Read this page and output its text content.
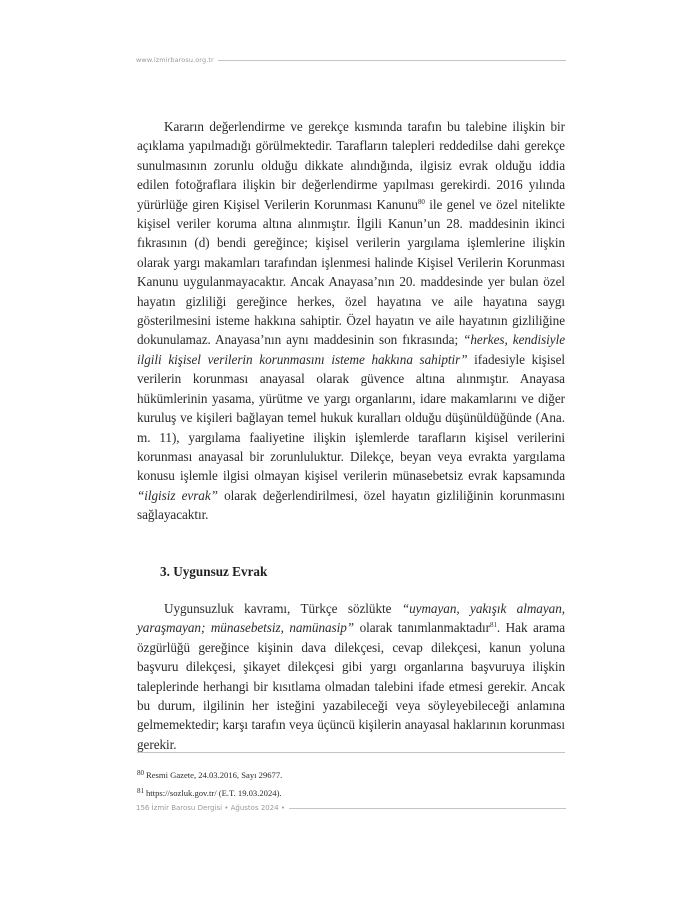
www.izmirbarosu.org.tr

Kararın değerlendirme ve gerekçe kısmında tarafın bu talebine ilişkin bir açıklama yapılmadığı görülmektedir. Tarafların talepleri reddedilse dahi gerekçe sunulmasının zorunlu olduğu dikkate alındığında, ilgisiz evrak olduğu iddia edilen fotoğraflara ilişkin bir değerlendirme yapılması gerekirdi. 2016 yılında yürürlüğe giren Kişisel Verilerin Korunması Kanunu$^{80}$ ile genel ve özel nitelikte kişisel veriler koruma altına alınmıştır. İlgili Kanun’un 28. maddesinin ikinci fıkrasının (d) bendi gereğince; kişisel verilerin yargılama işlemlerine ilişkin olarak yargı makamları tarafından işlenmesi halinde Kişisel Verilerin Korunması Kanunu uygulanmayacaktır. Ancak Anayasa’nın 20. maddesinde yer bulan özel hayatın gizliliği gereğince herkes, özel hayatına ve aile hayatına saygı gösterilmesini isteme hakkına sahiptir. Özel hayatın ve aile hayatının gizliliğine dokunulamaz. Anayasa’nın aynı maddesinin son fıkrasında; “herkes, kendisiyle ilgili kişisel verilerin korunmasını isteme hakkına sahiptir” ifadesiyle kişisel verilerin korunması anayasal olarak güvence altına alınmıştır. Anayasa hükümlerinin yasama, yürütme ve yargı organlarını, idare makamlarını ve diğer kuruluş ve kişileri bağlayan temel hukuk kuralları olduğu düşünüldüğünde (Ana. m. 11), yargılama faaliyetine ilişkin işlemlerde tarafların kişisel verilerini korunması anayasal bir zorunluluktur. Dilekçe, beyan veya evrakta yargılama konusu işlemle ilgisi olmayan kişisel verilerin münasebetsiz evrak kapsamında “ilgisiz evrak” olarak değerlendirilmesi, özel hayatın gizliliğinin korunmasını sağlayacaktır.

3. Uygunsuz Evrak

Uygunsuzluk kavramı, Türkçe sözlükte “uymayan, yakışık almayan, yaraşmayan; münasebetsiz, namünasip” olarak tanımlanmaktadır$^{81}$. Hak arama özgürlüğü gereğince kişinin dava dilekçesi, cevap dilekçesi, kanun yoluna başvuru dilekçesi, şikayet dilekçesi gibi yargı organlarına başvuruya ilişkin taleplerinde herhangi bir kısıtlama olmadan talebini ifade etmesi gerekir. Ancak bu durum, ilgilinin her isteğini yazabileceği veya söyleyebileceği anlamına gelmemektedir; karşı tarafın veya üçüncü kişilerin anayasal haklarının korunması gerekir.

$^{80}$ Resmi Gazete, 24.03.2016, Sayı 29677.
$^{81}$ https://sozluk.gov.tr/ (E.T. 19.03.2024).
156 İzmir Barosu Dergisi • Ağustos 2024 •
